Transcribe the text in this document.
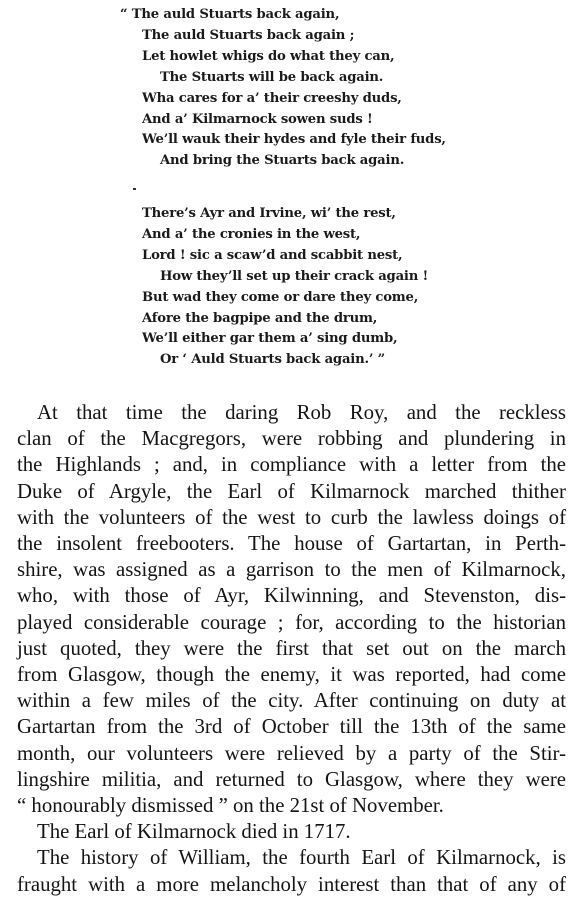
“ The auld Stuarts back again,
The auld Stuarts back again ;
Let howlet whigs do what they can,
The Stuarts will be back again.
Wha cares for a’ their creeshy duds,
And a’ Kilmarnock sowen suds !
We’ll wauk their hydes and fyle their fuds,
And bring the Stuarts back again.
There’s Ayr and Irvine, wi’ the rest,
And a’ the cronies in the west,
Lord ! sic a scaw’d and scabbit nest,
How they’ll set up their crack again !
But wad they come or dare they come,
Afore the bagpipe and the drum,
We’ll either gar them a’ sing dumb,
Or ‘ Auld Stuarts back again.’ ”
At that time the daring Rob Roy, and the reckless
clan of the Macgregors, were robbing and plundering in
the Highlands ; and, in compliance with a letter from the
Duke of Argyle, the Earl of Kilmarnock marched thither
with the volunteers of the west to curb the lawless doings of
the insolent freebooters. The house of Gartartan, in Perth-
shire, was assigned as a garrison to the men of Kilmarnock,
who, with those of Ayr, Kilwinning, and Stevenston, dis-
played considerable courage ; for, according to the historian
just quoted, they were the first that set out on the march
from Glasgow, though the enemy, it was reported, had come
within a few miles of the city. After continuing on duty at
Gartartan from the 3rd of October till the 13th of the same
month, our volunteers were relieved by a party of the Stir-
lingshire militia, and returned to Glasgow, where they were
“ honourably dismissed ” on the 21st of November.
The Earl of Kilmarnock died in 1717.
The history of William, the fourth Earl of Kilmarnock, is
fraught with a more melancholy interest than that of any of
